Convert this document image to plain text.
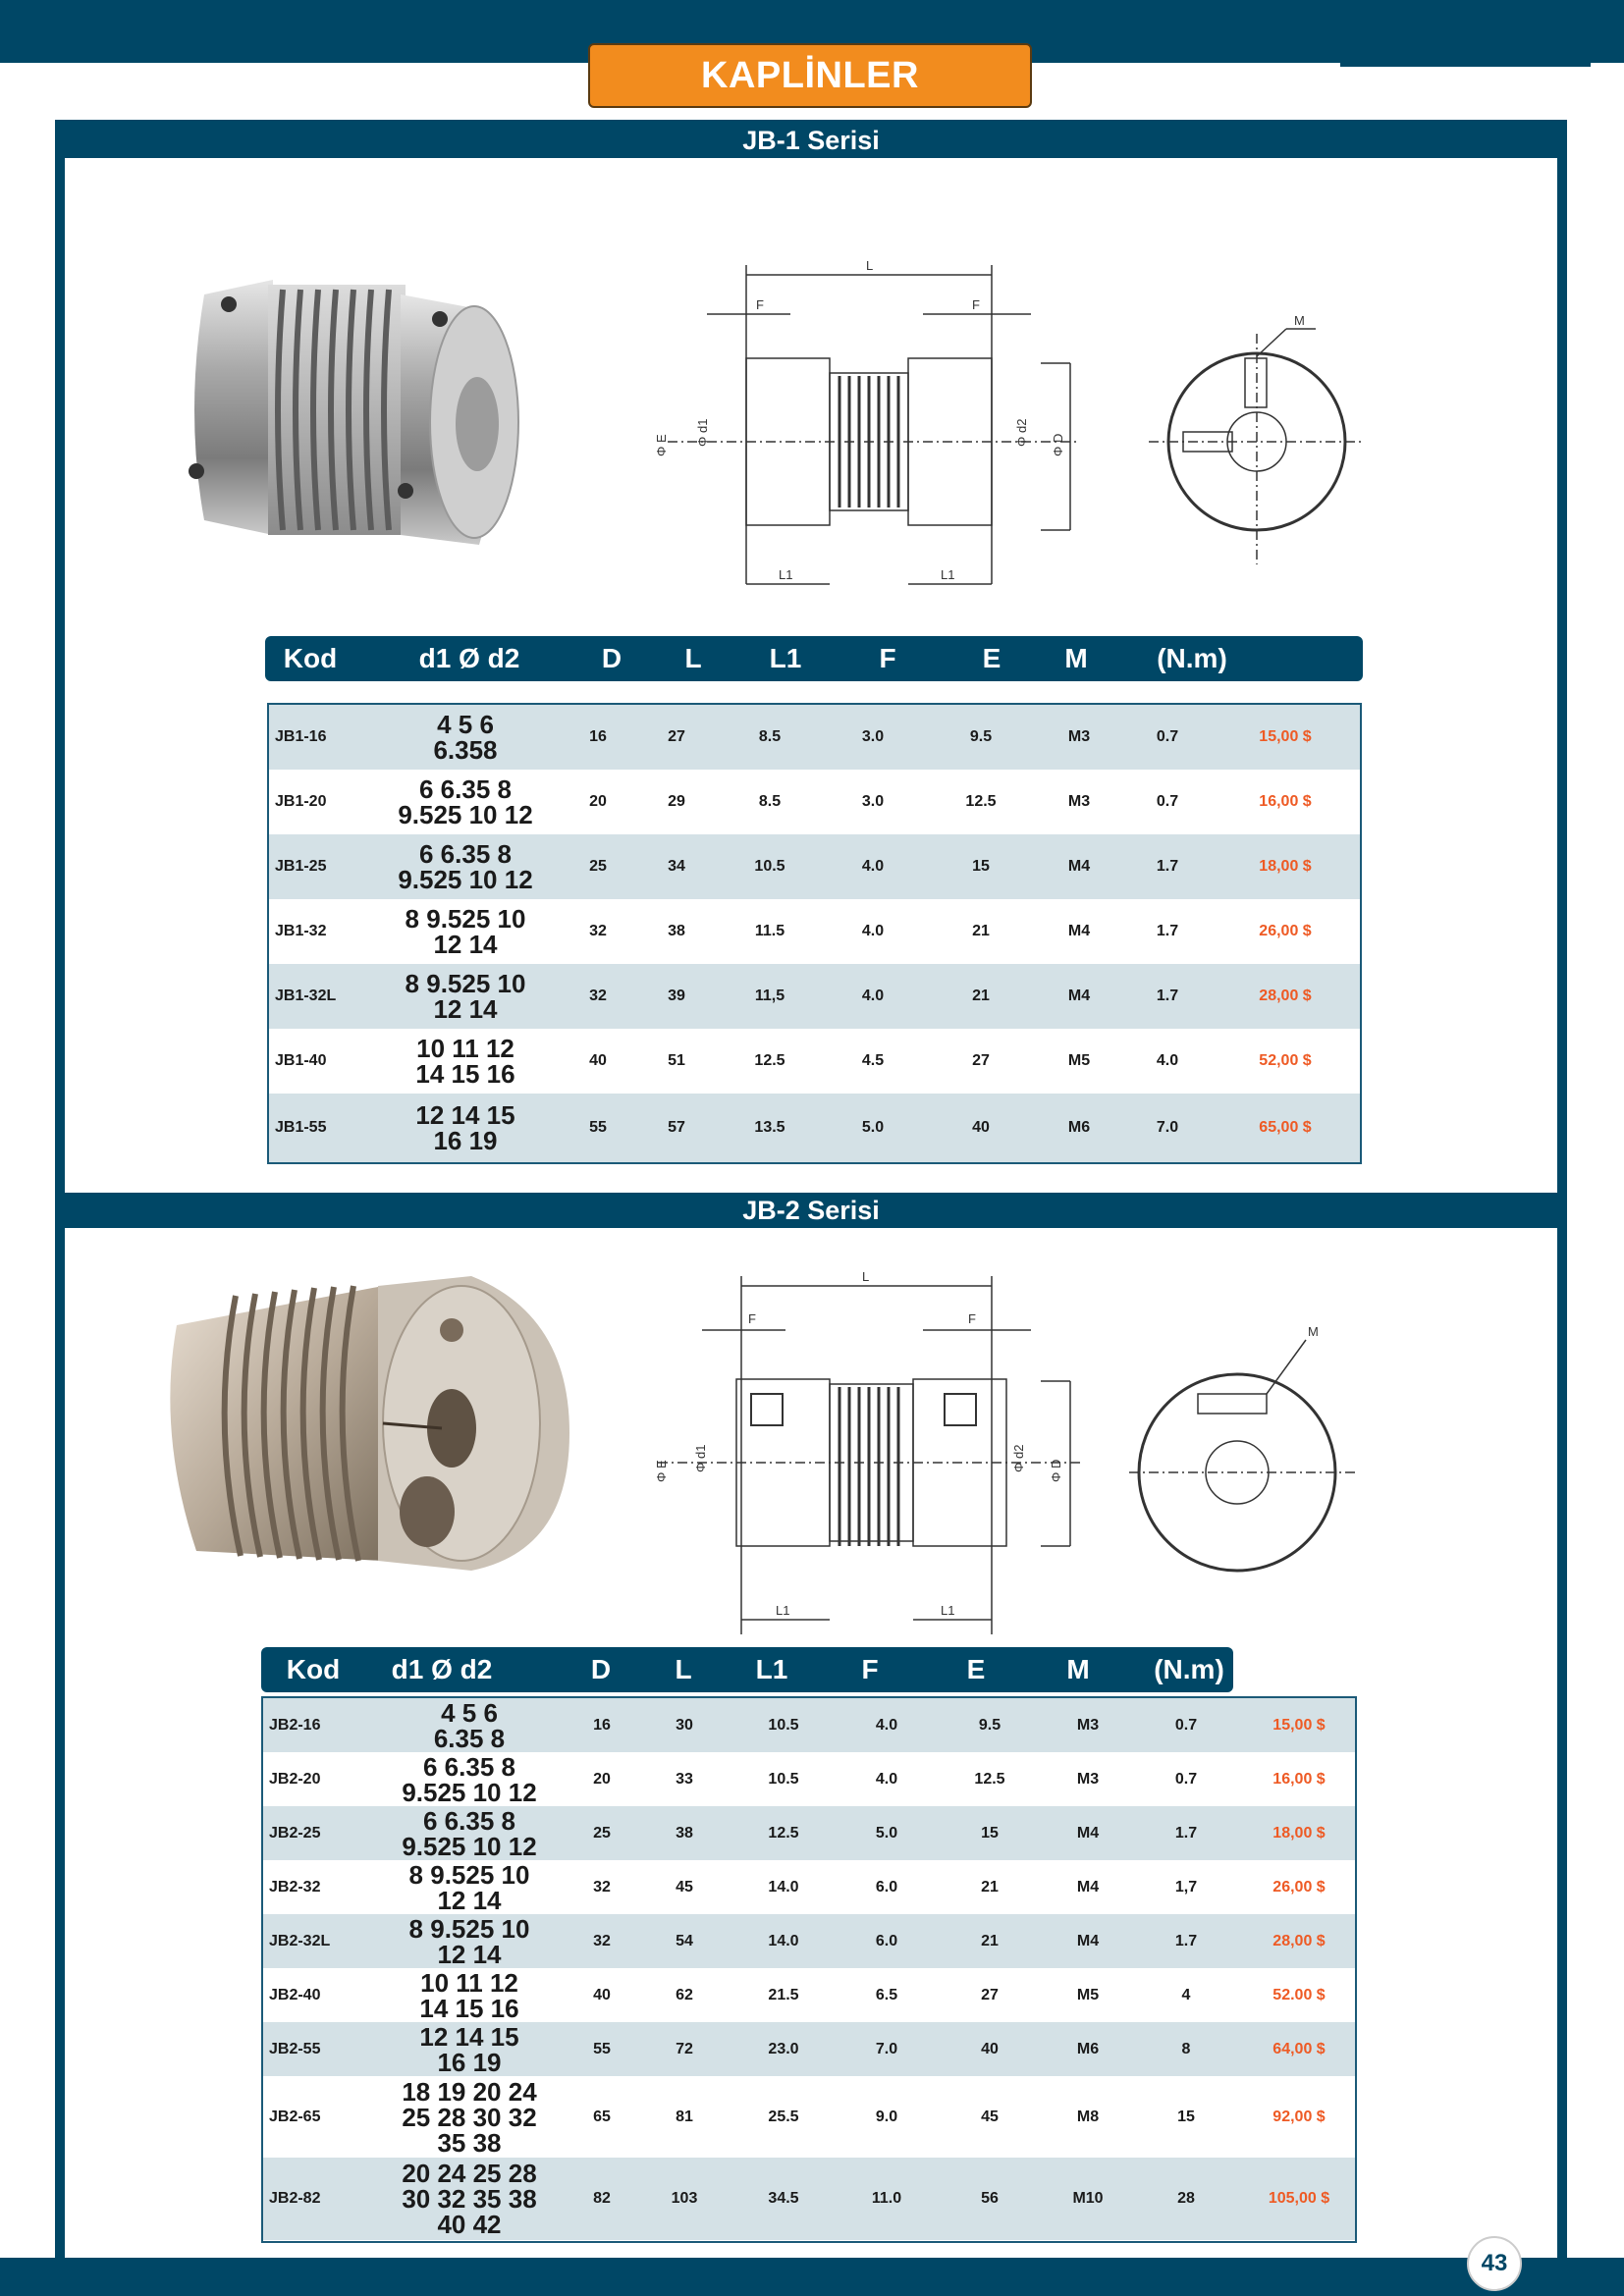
KAPLİNLER
JB-1 Serisi
L
F	F
M
L1	L1
Φ E Φ d1	Φ d2 Φ D
Kod	d1 Ø d2	D	L	L1	F	E	M	(N.m)
JB1-16	4 5 6
6.358	16	27	8.5	3.0	9.5	M3	0.7	15,00 $
JB1-20	6 6.35 8
9.525 10 12	20	29	8.5	3.0	12.5	M3	0.7	16,00 $
JB1-25	6 6.35 8
9.525 10 12	25	34	10.5	4.0	15	M4	1.7	18,00 $
JB1-32	8 9.525 10
12 14	32	38	11.5	4.0	21	M4	1.7	26,00 $
JB1-32L	8 9.525 10
12 14	32	39	11,5	4.0	21	M4	1.7	28,00 $
JB1-40	10 11 12
14 15 16	40	51	12.5	4.5	27	M5	4.0	52,00 $
JB1-55	12 14 15
16 19	55	57	13.5	5.0	40	M6	7.0	65,00 $
JB-2 Serisi
L
F	F
M
L1	L1
Φ E Φ d1	Φ d2 Φ D
Kod	d1 Ø d2	D	L	L1	F	E	M	(N.m)
JB2-16	4 5 6
6.35 8	16	30	10.5	4.0	9.5	M3	0.7	15,00 $
JB2-20	6 6.35 8
9.525 10 12	20	33	10.5	4.0	12.5	M3	0.7	16,00 $
JB2-25	6 6.35 8
9.525 10 12	25	38	12.5	5.0	15	M4	1.7	18,00 $
JB2-32	8 9.525 10
12 14	32	45	14.0	6.0	21	M4	1,7	26,00 $
JB2-32L	8 9.525 10
12 14	32	54	14.0	6.0	21	M4	1.7	28,00 $
JB2-40	10 11 12
14 15 16	40	62	21.5	6.5	27	M5	4	52.00 $
JB2-55	12 14 15
16 19	55	72	23.0	7.0	40	M6	8	64,00 $
JB2-65
18 19 20 24
25 28 30 32
35 38
65	81	25.5	9.0	45	M8	15	92,00 $
JB2-82
20 24 25 28
30 32 35 38
40 42
82	103	34.5	11.0	56	M10	28	105,00 $
43
